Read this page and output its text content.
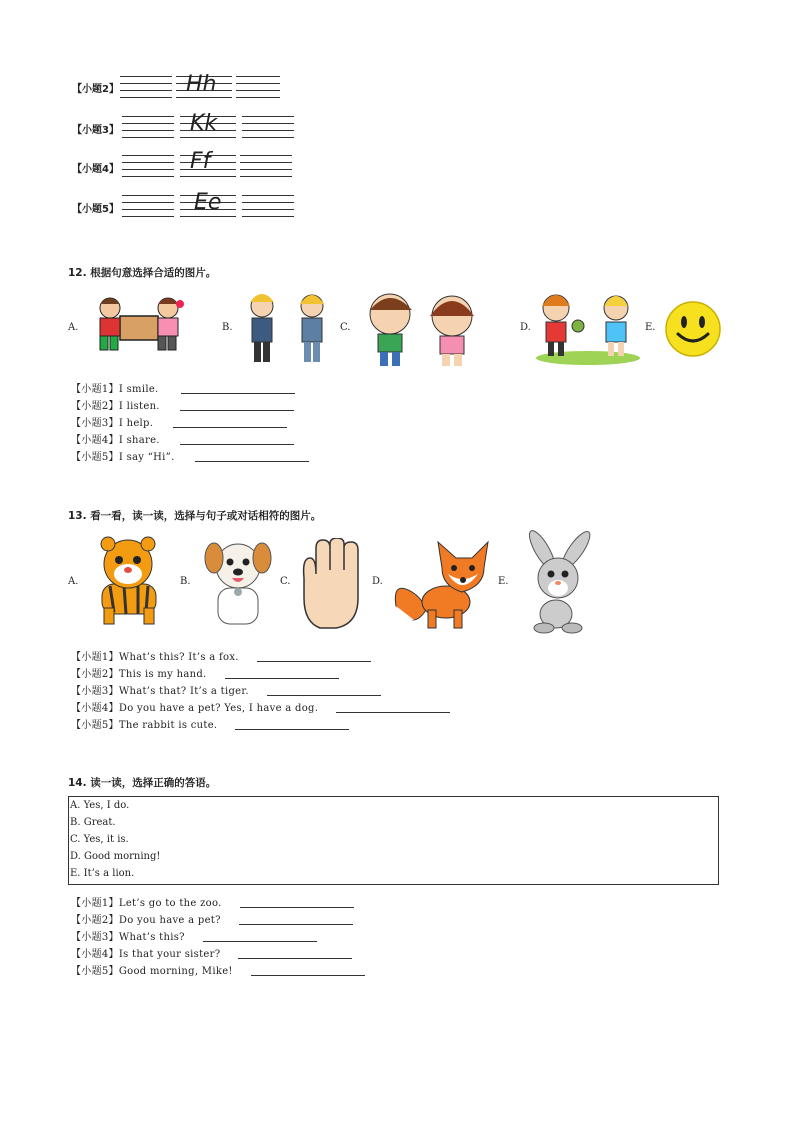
【小题2】	Hh
【小题3】	Kk
【小题4】	Ff
【小题5】	Ee
12. 根据句意选择合适的图片。
A.	B.	C.	D.	E.
【小题1】I smile.
【小题2】I listen.
【小题3】I help.
【小题4】I share.
【小题5】I say “Hi”.
13. 看一看，读一读，选择与句子或对话相符的图片。
A.	B.	C.	D.	E.
【小题1】What’s this? It’s a fox.
【小题2】This is my hand.
【小题3】What’s that? It’s a tiger.
【小题4】Do you have a pet? Yes, I have a dog.
【小题5】The rabbit is cute.
14. 读一读，选择正确的答语。
A. Yes, I do.
B. Great.
C. Yes, it is.
D. Good morning!
E. It’s a lion.
【小题1】Let’s go to the zoo.
【小题2】Do you have a pet?
【小题3】What’s this?
【小题4】Is that your sister?
【小题5】Good morning, Mike!
